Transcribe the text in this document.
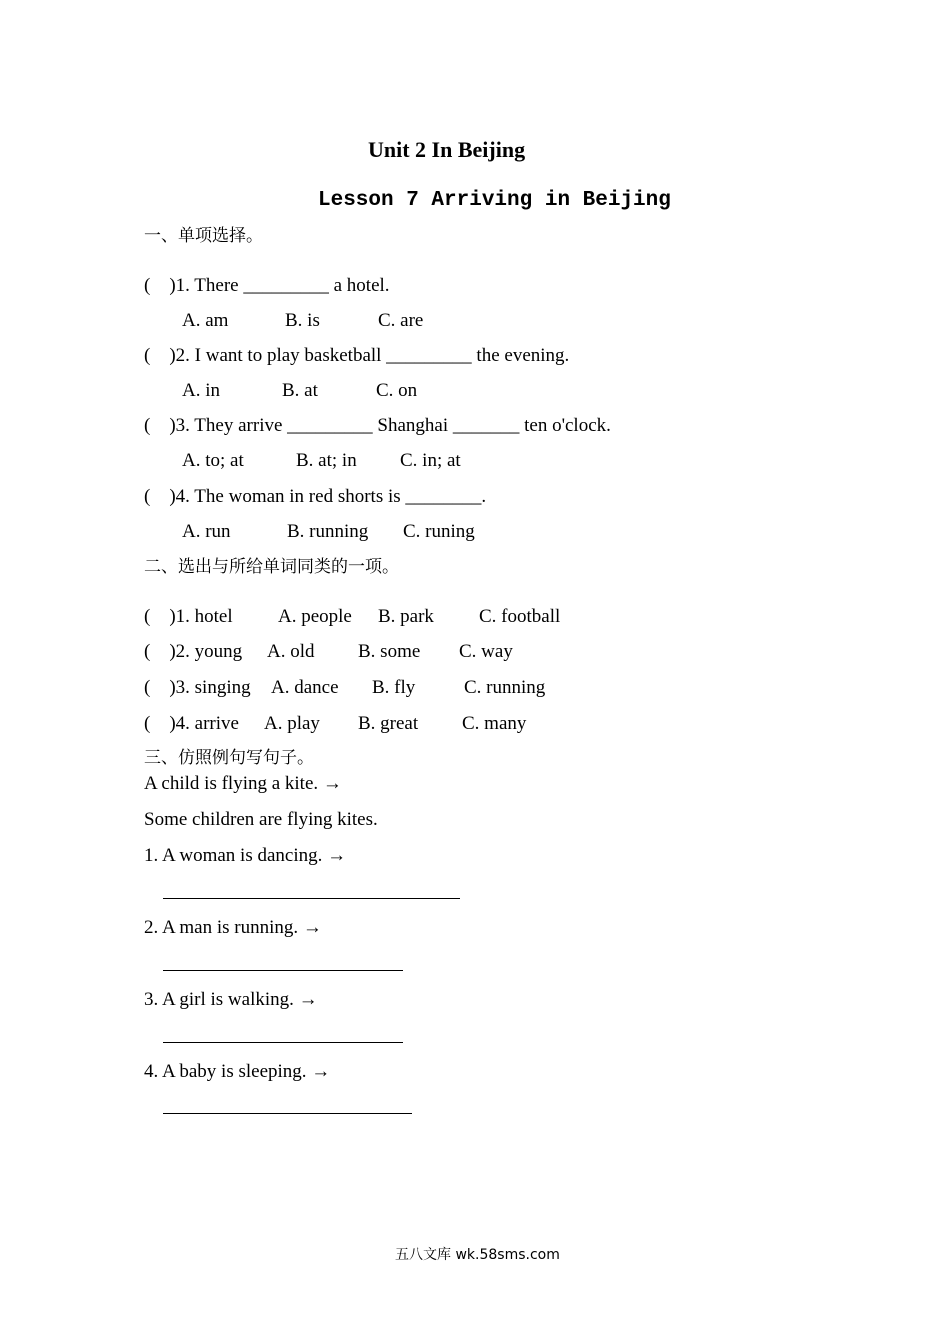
Unit 2 In Beijing
Lesson 7 Arriving in Beijing
一、单项选择。
(    )1. There _________ a hotel.
A. am	B. is	C. are
(    )2. I want to play basketball _________ the evening.
A. in	B. at	C. on
(    )3. They arrive _________ Shanghai _______ ten o'clock.
A. to; at	B. at; in C. in; at
(    )4. The woman in red shorts is ________.
A. run	B. running C. runing
二、选出与所给单词同类的一项。
(    )1. hotel A. people B. park C. football
(    )2. young A. old B. some C. way
(    )3. singing A. dance B. fly	C. running
(    )4. arrive A. play B. great C. many
三、仿照例句写句子。
A child is flying a kite. →
Some children are flying kites.
1. A woman is dancing. →
2. A man is running. →
3. A girl is walking. →
4. A baby is sleeping. →
五八文库 wk.58sms.com
